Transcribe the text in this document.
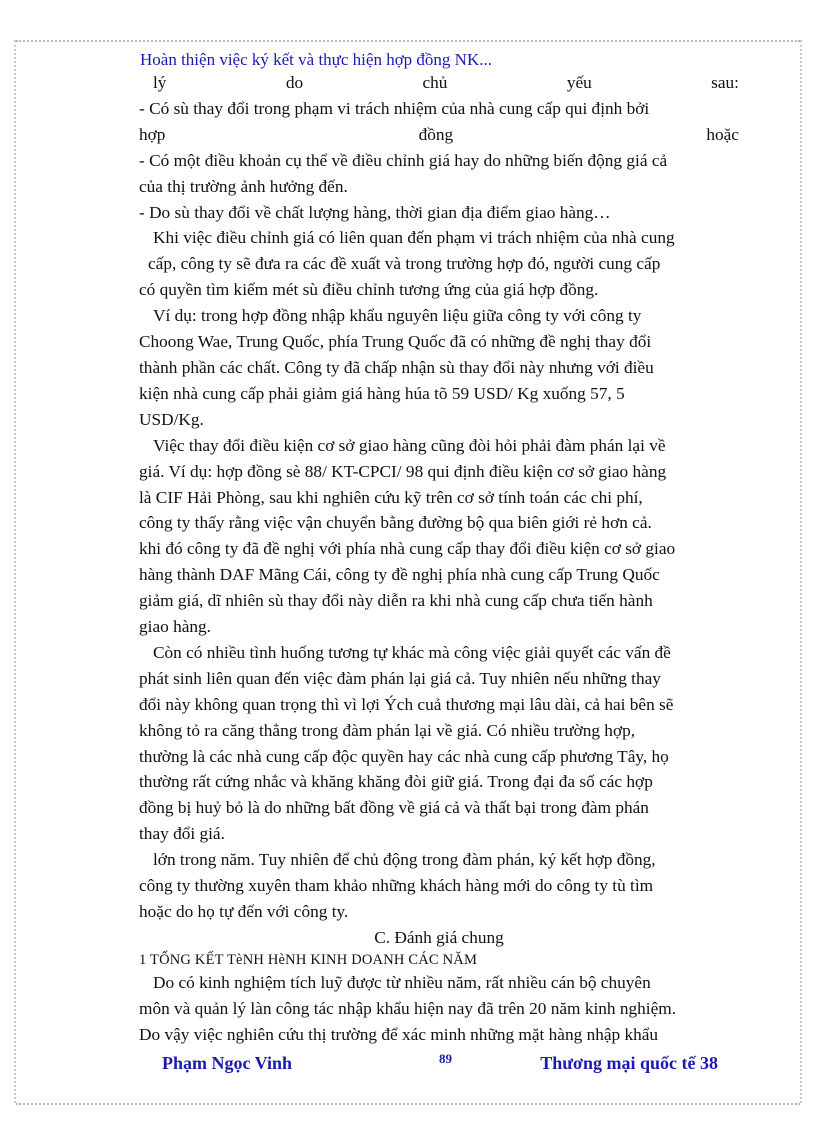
Hoàn thiện việc ký kết và thực hiện hợp đồng NK...
lý	do	chủ	yếu	sau:
- Có sù thay đổi trong phạm vi trách nhiệm của nhà cung cấp qui định bởi
hợp	đồng	hoặc
- Có một điều khoản cụ thể về điều chỉnh giá hay do những biến động giá cả
của thị trường ảnh hưởng đến.
- Do sù thay đổi về chất lượng hàng, thời gian địa điểm giao hàng…
Khi việc điều chỉnh giá có liên quan đến phạm vi trách nhiệm của nhà cung
cấp, công ty sẽ đưa ra các đề xuất và trong trường hợp đó, người cung cấp
có quyền tìm kiếm mét sù điều chỉnh tương ứng của giá hợp đồng.
Ví dụ: trong hợp đồng nhập khẩu nguyên liệu giữa công ty với công ty
Choong Wae, Trung Quốc, phía Trung Quốc đã có những đề nghị thay đổi
thành phần các chất. Công ty đã chấp nhận sù thay đổi này nhưng với điều
kiện nhà cung cấp phải giảm giá hàng húa tõ 59 USD/ Kg xuống 57, 5
USD/Kg.
Việc thay đổi điều kiện cơ sở giao hàng cũng đòi hỏi phải đàm phán lại về
giá. Ví dụ: hợp đồng sè 88/ KT-CPCI/ 98 qui định điều kiện cơ sở giao hàng
là CIF Hải Phòng, sau khi nghiên cứu kỹ trên cơ sở tính toán các chi phí,
công ty thấy rằng việc vận chuyển bằng đường bộ qua biên giới rẻ hơn cả.
khi đó công ty đã đề nghị với phía nhà cung cấp thay đổi điều kiện cơ sở giao
hàng thành DAF Mãng Cái, công ty đề nghị phía nhà cung cấp Trung Quốc
giảm giá, dĩ nhiên sù thay đổi này diễn ra khi nhà cung cấp chưa tiến hành
giao hàng.
Còn có nhiều tình huống tương tự khác mà công việc giải quyết các vấn đề
phát sinh liên quan đến việc đàm phán lại giá cả. Tuy nhiên nếu những thay
đổi này không quan trọng thì vì lợi Ých cuả thương mại lâu dài, cả hai bên sẽ
không tỏ ra căng thẳng trong đàm phán lại về giá. Có nhiều trường hợp,
thường là các nhà cung cấp độc quyền hay các nhà cung cấp phương Tây, họ
thường rất cứng nhắc và khăng khăng đòi giữ giá. Trong đại đa số các hợp
đồng bị huỷ bỏ là do những bất đồng về giá cả và thất bại trong đàm phán
thay đổi giá.
lớn trong năm. Tuy nhiên để chủ động trong đàm phán, ký kết hợp đồng,
công ty thường xuyên tham khảo những khách hàng mới do công ty tù tìm
hoặc do họ tự đến với công ty.
C. Đánh giá chung
1 TỔNG KẾT TèNH HèNH KINH DOANH CÁC NĂM
Do có kinh nghiệm tích luỹ được từ nhiều năm, rất nhiều cán bộ chuyên
môn và quản lý làn công tác nhập khẩu hiện nay đã trên 20 năm kinh nghiệm.
Do vậy việc nghiên cứu thị trường để xác minh những mặt hàng nhập khẩu
Phạm Ngọc Vinh	89	Thương mại quốc tế 38
